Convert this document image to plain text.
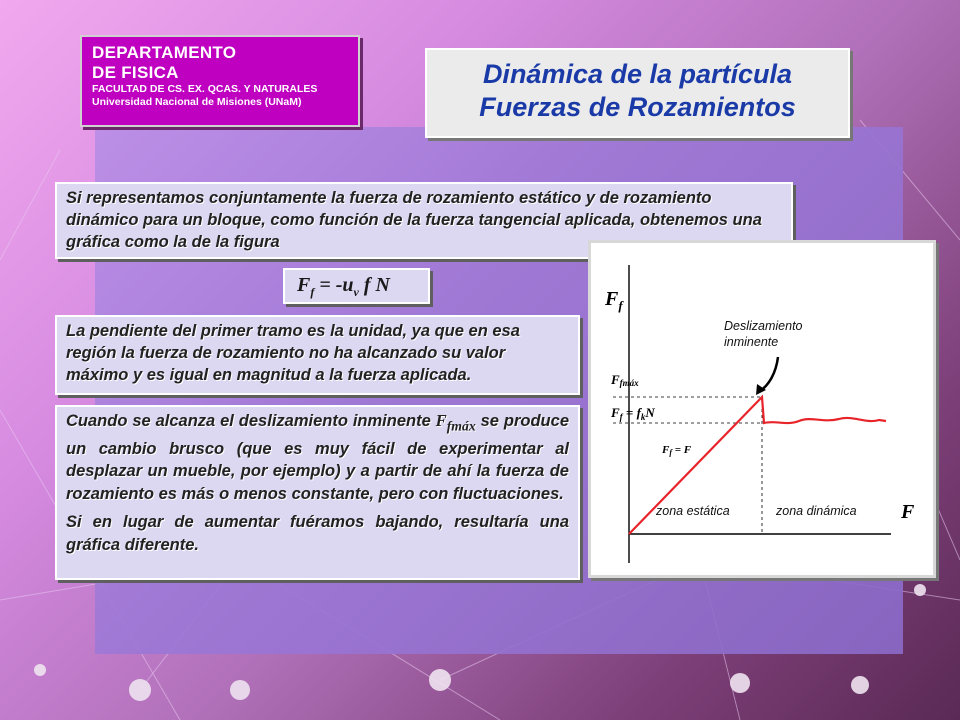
DEPARTAMENTO
DE FISICA
FACULTAD DE CS. EX. QCAS. Y NATURALES
Universidad Nacional de Misiones (UNaM)
Dinámica de la partícula
Fuerzas de Rozamientos
Si representamos conjuntamente la fuerza de rozamiento estático y de rozamiento dinámico para un bloque, como función de la fuerza tangencial aplicada, obtenemos una gráfica como la de la figura
$F_f = -u_v$ f N
La pendiente del primer tramo es la unidad, ya que en esa región la fuerza de rozamiento no ha alcanzado su valor máximo y es igual en magnitud a la fuerza aplicada.

Cuando se alcanza el deslizamiento inminente $F_{fmáx}$ se produce un cambio brusco (que es muy fácil de experimentar al desplazar un mueble, por ejemplo) y a partir de ahí la fuerza de rozamiento es más o menos constante, pero con fluctuaciones.

Si en lugar de aumentar fuéramos bajando, resultaría una gráfica diferente.

$F_f$
F
Deslizamiento
inminente
Ffmáx
$F_f = f_kN$
Ff = F
zona estática	zona dinámica
